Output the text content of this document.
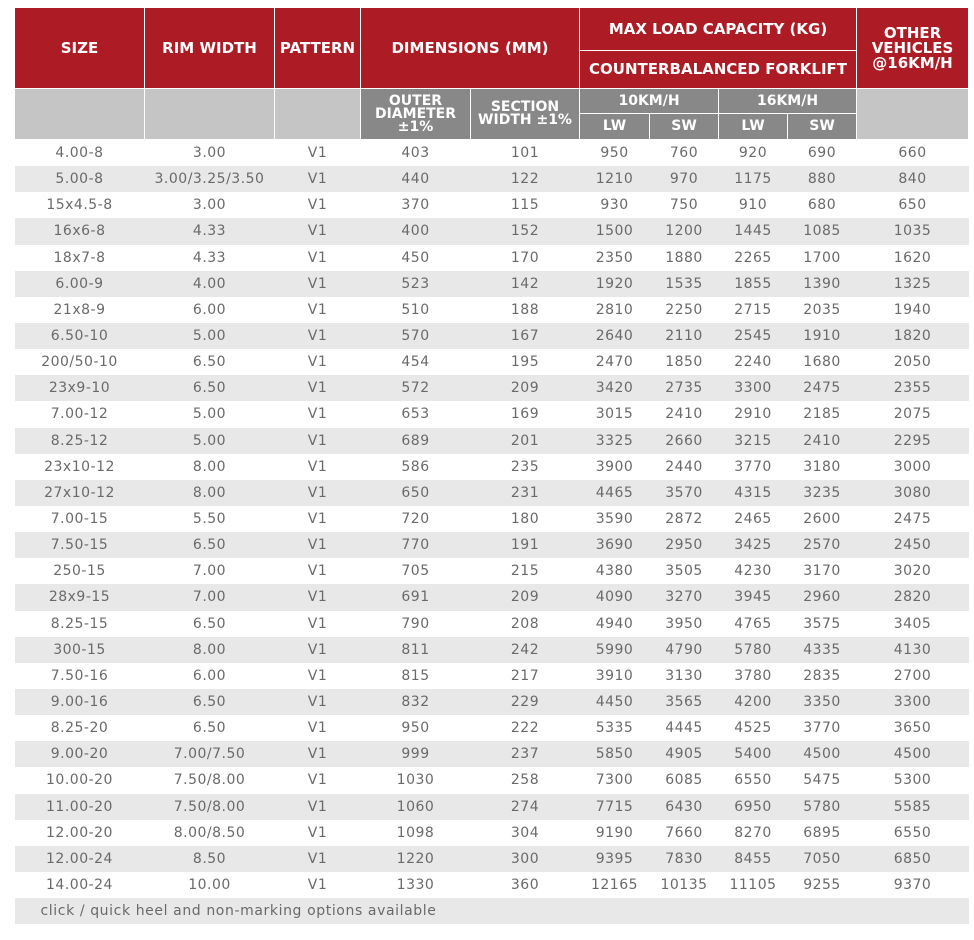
SIZE	RIM WIDTH	PATTERN	DIMENSIONS (MM)		MAX LOAD CAPACITY (KG)				OTHER VEHICLES @16KM/H
					COUNTERBALANCED FORKLIFT				
			OUTER DIAMETER ±1%	SECTION WIDTH ±1%	10KM/H		16KM/H		
					LW	SW	LW	SW	
4.00-8	3.00	V1	403	101	950	760	920	690	660
5.00-8	3.00/3.25/3.50	V1	440	122	1210	970	1175	880	840
15x4.5-8	3.00	V1	370	115	930	750	910	680	650
16x6-8	4.33	V1	400	152	1500	1200	1445	1085	1035
18x7-8	4.33	V1	450	170	2350	1880	2265	1700	1620
6.00-9	4.00	V1	523	142	1920	1535	1855	1390	1325
21x8-9	6.00	V1	510	188	2810	2250	2715	2035	1940
6.50-10	5.00	V1	570	167	2640	2110	2545	1910	1820
200/50-10	6.50	V1	454	195	2470	1850	2240	1680	2050
23x9-10	6.50	V1	572	209	3420	2735	3300	2475	2355
7.00-12	5.00	V1	653	169	3015	2410	2910	2185	2075
8.25-12	5.00	V1	689	201	3325	2660	3215	2410	2295
23x10-12	8.00	V1	586	235	3900	2440	3770	3180	3000
27x10-12	8.00	V1	650	231	4465	3570	4315	3235	3080
7.00-15	5.50	V1	720	180	3590	2872	2465	2600	2475
7.50-15	6.50	V1	770	191	3690	2950	3425	2570	2450
250-15	7.00	V1	705	215	4380	3505	4230	3170	3020
28x9-15	7.00	V1	691	209	4090	3270	3945	2960	2820
8.25-15	6.50	V1	790	208	4940	3950	4765	3575	3405
300-15	8.00	V1	811	242	5990	4790	5780	4335	4130
7.50-16	6.00	V1	815	217	3910	3130	3780	2835	2700
9.00-16	6.50	V1	832	229	4450	3565	4200	3350	3300
8.25-20	6.50	V1	950	222	5335	4445	4525	3770	3650
9.00-20	7.00/7.50	V1	999	237	5850	4905	5400	4500	4500
10.00-20	7.50/8.00	V1	1030	258	7300	6085	6550	5475	5300
11.00-20	7.50/8.00	V1	1060	274	7715	6430	6950	5780	5585
12.00-20	8.00/8.50	V1	1098	304	9190	7660	8270	6895	6550
12.00-24	8.50	V1	1220	300	9395	7830	8455	7050	6850
14.00-24	10.00	V1	1330	360	12165	10135	11105	9255	9370
click / quick heel and non-marking options available									
